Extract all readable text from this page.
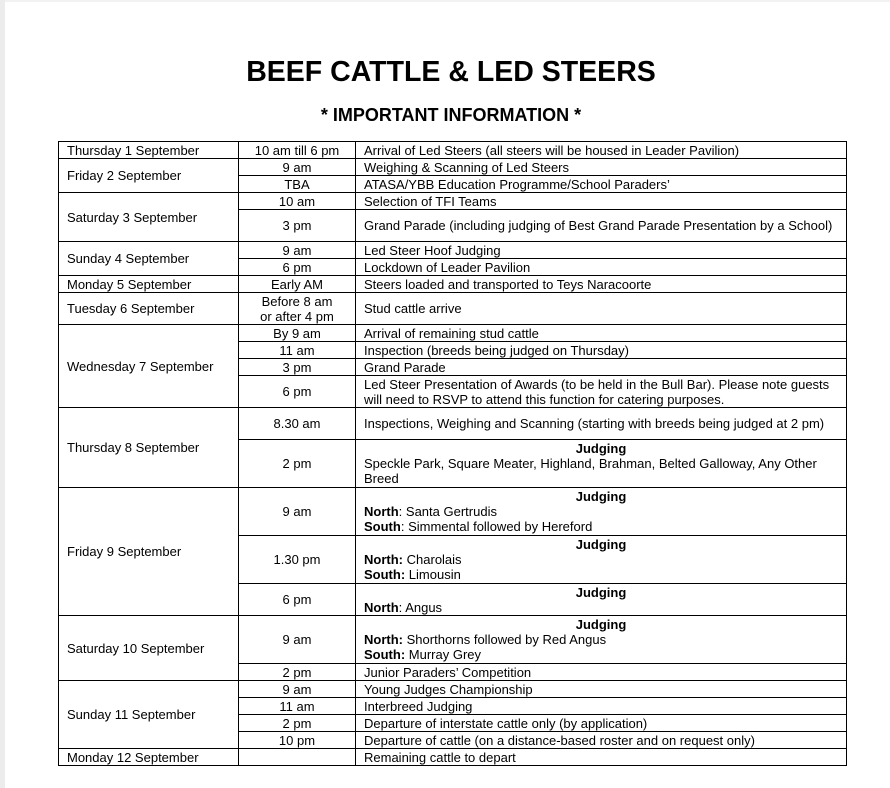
BEEF CATTLE & LED STEERS
* IMPORTANT INFORMATION *
Thursday 1 September	10 am till 6 pm	Arrival of Led Steers (all steers will be housed in Leader Pavilion)
Friday 2 September	9 am	Weighing & Scanning of Led Steers
	TBA	ATASA/YBB Education Programme/School Paraders’
Saturday 3 September	10 am	Selection of TFI Teams
	3 pm	Grand Parade (including judging of Best Grand Parade Presentation by a School)
Sunday 4 September	9 am	Led Steer Hoof Judging
	6 pm	Lockdown of Leader Pavilion
Monday 5 September	Early AM	Steers loaded and transported to Teys Naracoorte
Tuesday 6 September	Before 8 am
or after 4 pm	Stud cattle arrive
Wednesday 7 September	By 9 am	Arrival of remaining stud cattle
	11 am	Inspection (breeds being judged on Thursday)
	3 pm	Grand Parade
	6 pm	Led Steer Presentation of Awards (to be held in the Bull Bar). Please note guests will need to RSVP to attend this function for catering purposes.
Thursday 8 September	8.30 am	Inspections, Weighing and Scanning (starting with breeds being judged at 2 pm)
	2 pm	Judging
Speckle Park, Square Meater, Highland, Brahman, Belted Galloway, Any Other Breed

Friday 9 September	9 am	Judging
North: Santa Gertrudis
South: Simmental followed by Hereford

	1.30 pm	Judging
North: Charolais
South: Limousin

	6 pm	Judging
North: Angus

Saturday 10 September	9 am	Judging
North: Shorthorns followed by Red Angus
South: Murray Grey

	2 pm	Junior Paraders’ Competition
Sunday 11 September	9 am	Young Judges Championship
	11 am	Interbreed Judging
	2 pm	Departure of interstate cattle only (by application)
	10 pm	Departure of cattle (on a distance-based roster and on request only)
Monday 12 September		Remaining cattle to depart
